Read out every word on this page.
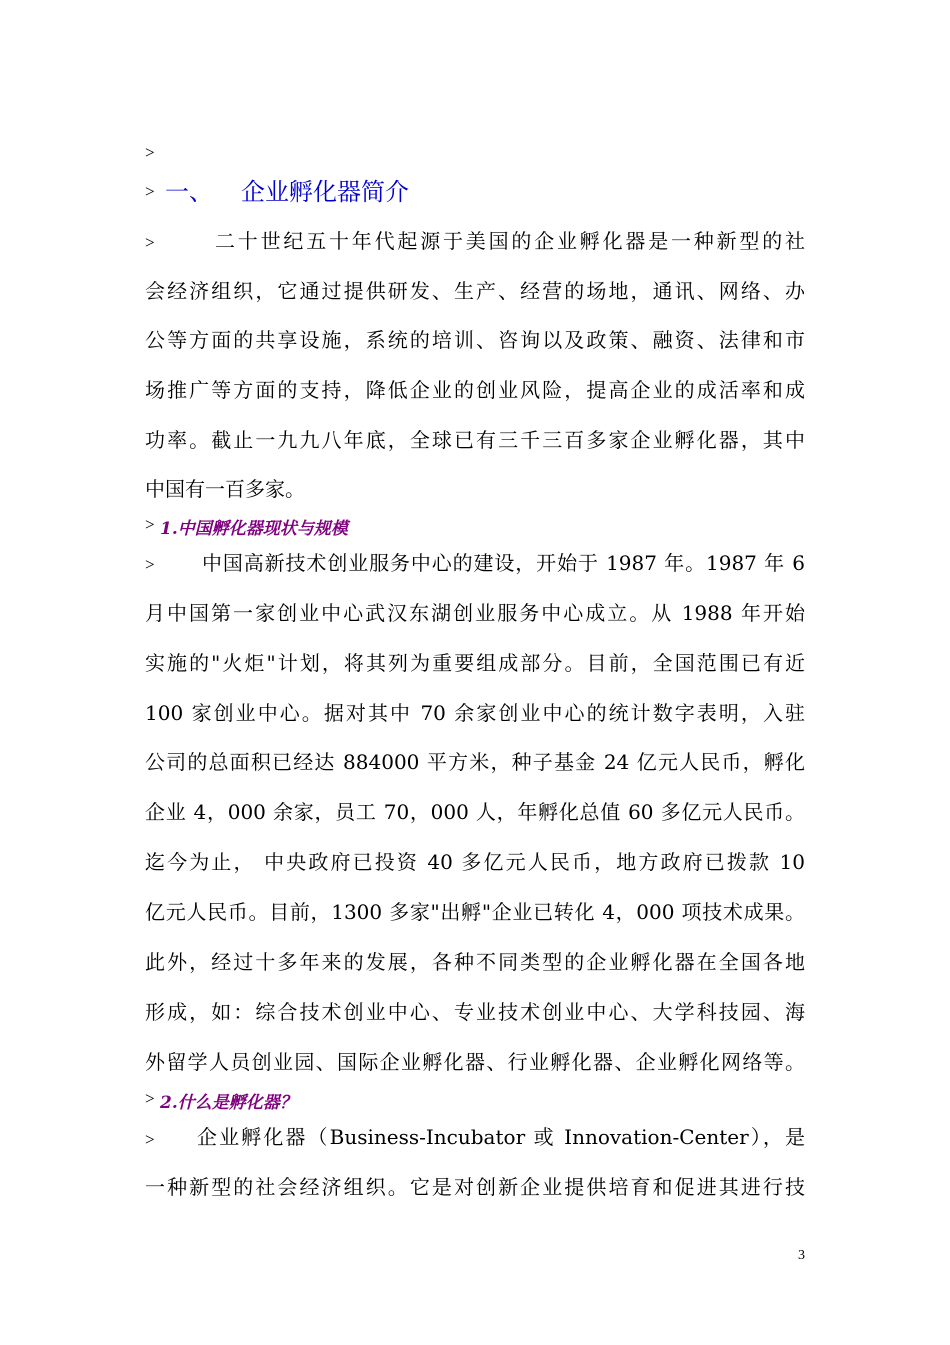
>
> 一、 企业孵化器简介
>	二十世纪五十年代起源于美国的企业孵化器是一种新型的社
会经济组织，它通过提供研发、生产、经营的场地，通讯、网络、办
公等方面的共享设施，系统的培训、咨询以及政策、融资、法律和市
场推广等方面的支持，降低企业的创业风险，提高企业的成活率和成
功率。截止一九九八年底，全球已有三千三百多家企业孵化器，其中
中国有一百多家。
> 1.中国孵化器现状与规模
> 中国高新技术创业服务中心的建设，开始于 1987 年。1987 年 6
月中国第一家创业中心武汉东湖创业服务中心成立。从 1988 年开始
实施的"火炬"计划，将其列为重要组成部分。目前，全国范围已有近
100 家创业中心。据对其中 70 余家创业中心的统计数字表明，入驻
公司的总面积已经达 884000 平方米，种子基金 24 亿元人民币，孵化
企业 4，000 余家，员工 70，000 人，年孵化总值 60 多亿元人民币。
迄今为止， 中央政府已投资 40 多亿元人民币，地方政府已拨款 10
亿元人民币。目前，1300 多家"出孵"企业已转化 4，000 项技术成果。
此外，经过十多年来的发展，各种不同类型的企业孵化器在全国各地
形成，如：综合技术创业中心、专业技术创业中心、大学科技园、海
外留学人员创业园、国际企业孵化器、行业孵化器、企业孵化网络等。
> 2.什么是孵化器？
> 企业孵化器（Business-Incubator 或 Innovation-Center），是
一种新型的社会经济组织。它是对创新企业提供培育和促进其进行技
3
